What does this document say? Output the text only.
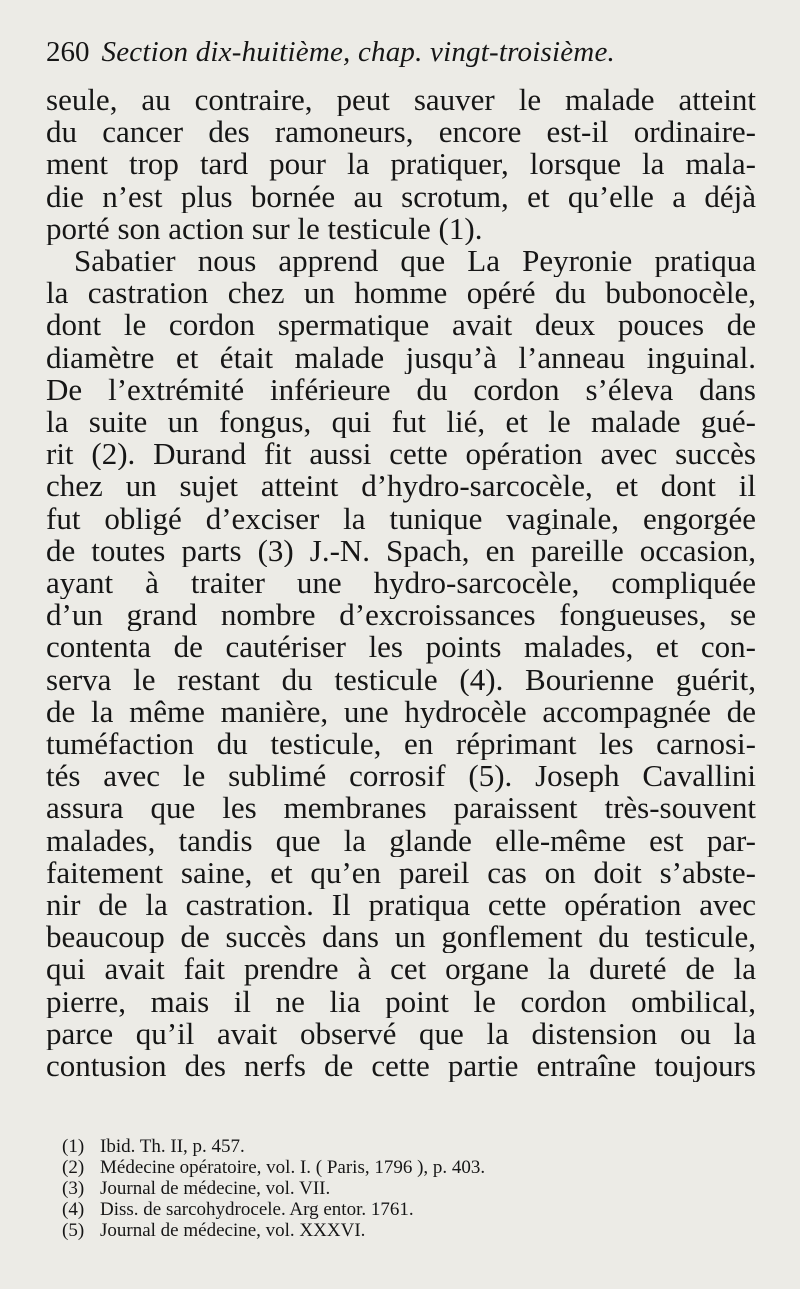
260 Section dix-huitième, chap. vingt-troisième.
seule, au contraire, peut sauver le malade atteint
du cancer des ramoneurs, encore est-il ordinaire-
ment trop tard pour la pratiquer, lorsque la mala-
die n’est plus bornée au scrotum, et qu’elle a déjà
porté son action sur le testicule (1).
Sabatier nous apprend que La Peyronie pratiqua
la castration chez un homme opéré du bubonocèle,
dont le cordon spermatique avait deux pouces de
diamètre et était malade jusqu’à l’anneau inguinal.
De l’extrémité inférieure du cordon s’éleva dans
la suite un fongus, qui fut lié, et le malade gué-
rit (2). Durand fit aussi cette opération avec succès
chez un sujet atteint d’hydro-sarcocèle, et dont il
fut obligé d’exciser la tunique vaginale, engorgée
de toutes parts (3) J.-N. Spach, en pareille occasion,
ayant à traiter une hydro-sarcocèle, compliquée
d’un grand nombre d’excroissances fongueuses, se
contenta de cautériser les points malades, et con-
serva le restant du testicule (4). Bourienne guérit,
de la même manière, une hydrocèle accompagnée de
tuméfaction du testicule, en réprimant les carnosi-
tés avec le sublimé corrosif (5). Joseph Cavallini
assura que les membranes paraissent très-souvent
malades, tandis que la glande elle-même est par-
faitement saine, et qu’en pareil cas on doit s’abste-
nir de la castration. Il pratiqua cette opération avec
beaucoup de succès dans un gonflement du testicule,
qui avait fait prendre à cet organe la dureté de la
pierre, mais il ne lia point le cordon ombilical,
parce qu’il avait observé que la distension ou la
contusion des nerfs de cette partie entraîne toujours
(1) Ibid. Th. II, p. 457.
(2) Médecine opératoire, vol. I. ( Paris, 1796 ), p. 403.
(3) Journal de médecine, vol. VII.
(4) Diss. de sarcohydrocele. Arg entor. 1761.
(5) Journal de médecine, vol. XXXVI.
